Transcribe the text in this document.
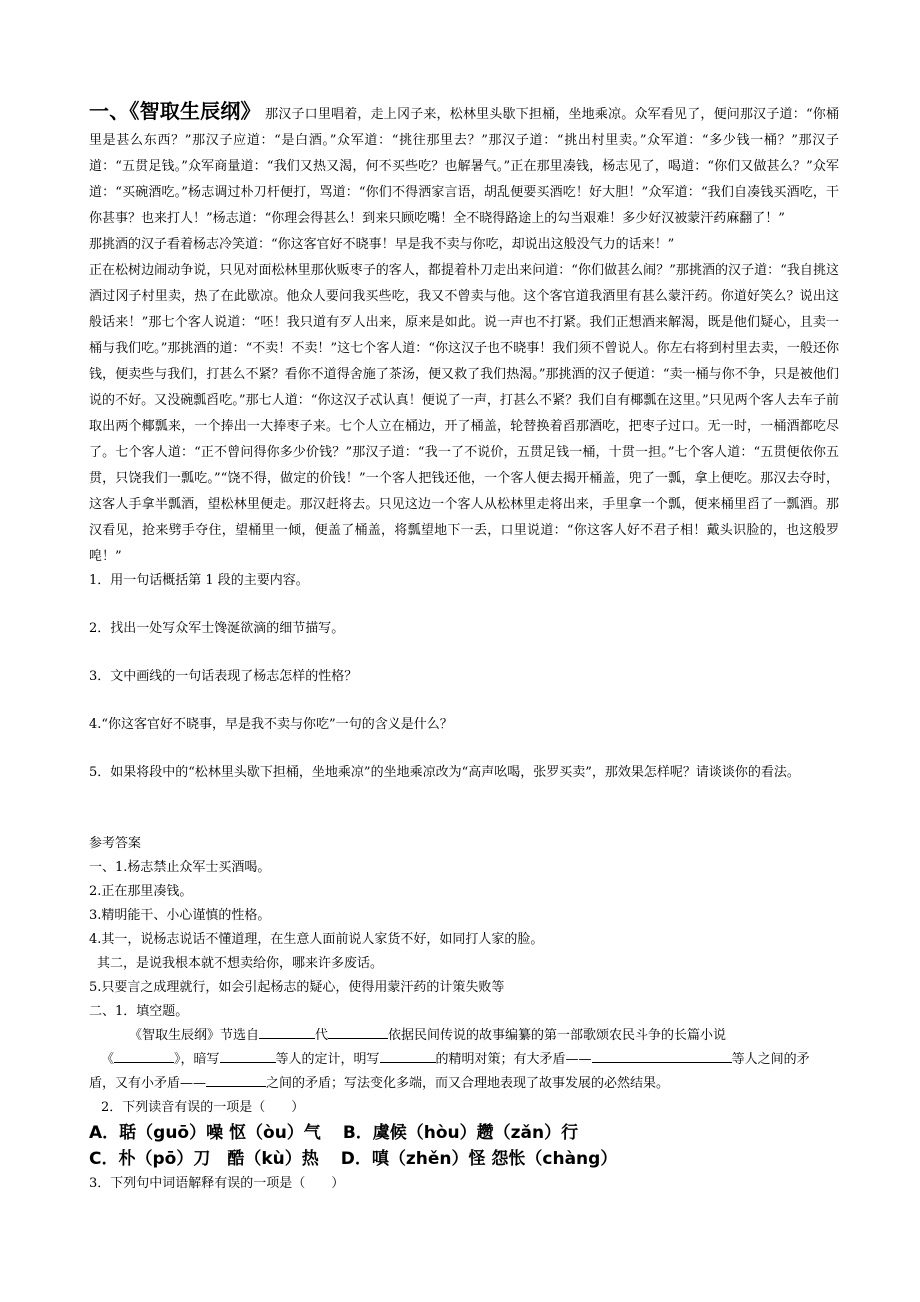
一、《智取生辰纲》 那汉子口里唱着，走上冈子来，松林里头歇下担桶，坐地乘凉。众军看见了，便问那汉子道：“你桶里是甚么东西？”那汉子应道：“是白酒。”众军道：“挑往那里去？”那汉子道：“挑出村里卖。”众军道：“多少钱一桶？”那汉子道：“五贯足钱。”众军商量道：“我们又热又渴，何不买些吃？也解暑气。”正在那里凑钱，杨志见了，喝道：“你们又做甚么？”众军道：“买碗酒吃。”杨志调过朴刀杆便打，骂道：“你们不得洒家言语，胡乱便要买酒吃！好大胆！”众军道：“我们自凑钱买酒吃，干你甚事？也来打人！”杨志道：“你理会得甚么！到来只顾吃嘴！全不晓得路途上的勾当艰难！多少好汉被蒙汗药麻翻了！”

那挑酒的汉子看着杨志冷笑道：“你这客官好不晓事！早是我不卖与你吃，却说出这般没气力的话来！”

正在松树边闹动争说，只见对面松林里那伙贩枣子的客人，都提着朴刀走出来问道：“你们做甚么闹？”那挑酒的汉子道：“我自挑这酒过冈子村里卖，热了在此歇凉。他众人要问我买些吃，我又不曾卖与他。这个客官道我酒里有甚么蒙汗药。你道好笑么？说出这般话来！”那七个客人说道：“呸！我只道有歹人出来，原来是如此。说一声也不打紧。我们正想酒来解渴，既是他们疑心，且卖一桶与我们吃。”那挑酒的道：“不卖！不卖！”这七个客人道：“你这汉子也不晓事！我们须不曾说人。你左右将到村里去卖，一般还你钱，便卖些与我们，打甚么不紧？看你不道得舍施了茶汤，便又救了我们热渴。”那挑酒的汉子便道：“卖一桶与你不争，只是被他们说的不好。又没碗瓢舀吃。”那七人道：“你这汉子忒认真！便说了一声，打甚么不紧？我们自有椰瓢在这里。”只见两个客人去车子前取出两个椰瓢来，一个捧出一大捧枣子来。七个人立在桶边，开了桶盖，轮替换着舀那酒吃，把枣子过口。无一时，一桶酒都吃尽了。七个客人道：“正不曾问得你多少价钱？”那汉子道：“我一了不说价，五贯足钱一桶，十贯一担。”七个客人道：“五贯便依你五贯，只饶我们一瓢吃。”“饶不得，做定的价钱！”一个客人把钱还他，一个客人便去揭开桶盖，兜了一瓢，拿上便吃。那汉去夺时，这客人手拿半瓢酒，望松林里便走。那汉赶将去。只见这边一个客人从松林里走将出来，手里拿一个瓢，便来桶里舀了一瓢酒。那汉看见，抢来劈手夺住，望桶里一倾，便盖了桶盖，将瓢望地下一丢，口里说道：“你这客人好不君子相！戴头识脸的，也这般罗唣！”

1．用一句话概括第 1 段的主要内容。

2．找出一处写众军士馋涎欲滴的细节描写。

3．文中画线的一句话表现了杨志怎样的性格？

4.“你这客官好不晓事，早是我不卖与你吃”一句的含义是什么？

5．如果将段中的“松林里头歇下担桶，坐地乘凉”的坐地乘凉改为“高声吆喝，张罗买卖”，那效果怎样呢？请谈谈你的看法。

参考答案

一、1.杨志禁止众军士买酒喝。

2.正在那里凑钱。

3.精明能干、小心谨慎的性格。

4.其一，说杨志说话不懂道理，在生意人面前说人家货不好，如同打人家的脸。

其二，是说我根本就不想卖给你，哪来许多废话。

5.只要言之成理就行，如会引起杨志的疑心，使得用蒙汗药的计策失败等

二、1．填空题。

《智取生辰纲》节选自	代	依据民间传说的故事编纂的第一部歌颂农民斗争的长篇小说

《	》，暗写	等人的定计，明写	的精明对策；有大矛盾——	等人之间的矛

盾，又有小矛盾——	之间的矛盾；写法变化多端，而又合理地表现了故事发展的必然结果。

2．下列读音有误的一项是（　　）

A．聒（guō）噪 怄（òu）气 B．虞候（hòu）趱（zǎn）行

C．朴（pō）刀　酷（kù）热 D．嗔（zhěn）怪 怨怅（chàng）

3．下列句中词语解释有误的一项是（　　）
